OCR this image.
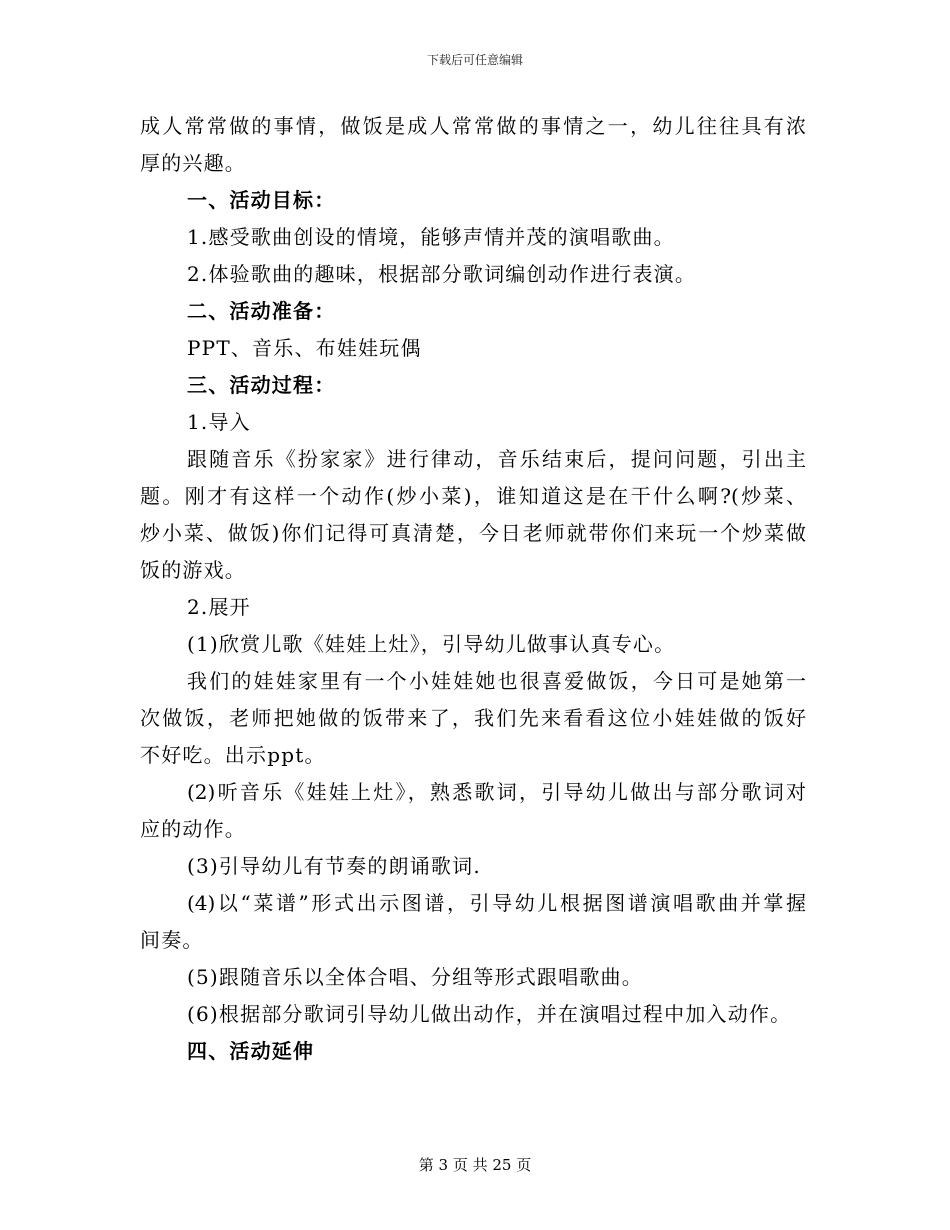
下载后可任意编辑
成人常常做的事情，做饭是成人常常做的事情之一，幼儿往往具有浓
厚的兴趣。
一、活动目标：
1.感受歌曲创设的情境，能够声情并茂的演唱歌曲。
2.体验歌曲的趣味，根据部分歌词编创动作进行表演。
二、活动准备：
PPT、音乐、布娃娃玩偶
三、活动过程：
1.导入
跟随音乐《扮家家》进行律动，音乐结束后，提问问题，引出主
题。刚才有这样一个动作(炒小菜)，谁知道这是在干什么啊?(炒菜、
炒小菜、做饭)你们记得可真清楚，今日老师就带你们来玩一个炒菜做
饭的游戏。
2.展开
(1)欣赏儿歌《娃娃上灶》，引导幼儿做事认真专心。
我们的娃娃家里有一个小娃娃她也很喜爱做饭，今日可是她第一
次做饭，老师把她做的饭带来了，我们先来看看这位小娃娃做的饭好
不好吃。出示ppt。
(2)听音乐《娃娃上灶》，熟悉歌词，引导幼儿做出与部分歌词对
应的动作。
(3)引导幼儿有节奏的朗诵歌词.
(4)以“菜谱”形式出示图谱，引导幼儿根据图谱演唱歌曲并掌握
间奏。
(5)跟随音乐以全体合唱、分组等形式跟唱歌曲。
(6)根据部分歌词引导幼儿做出动作，并在演唱过程中加入动作。
四、活动延伸
第 3 页 共 25 页
